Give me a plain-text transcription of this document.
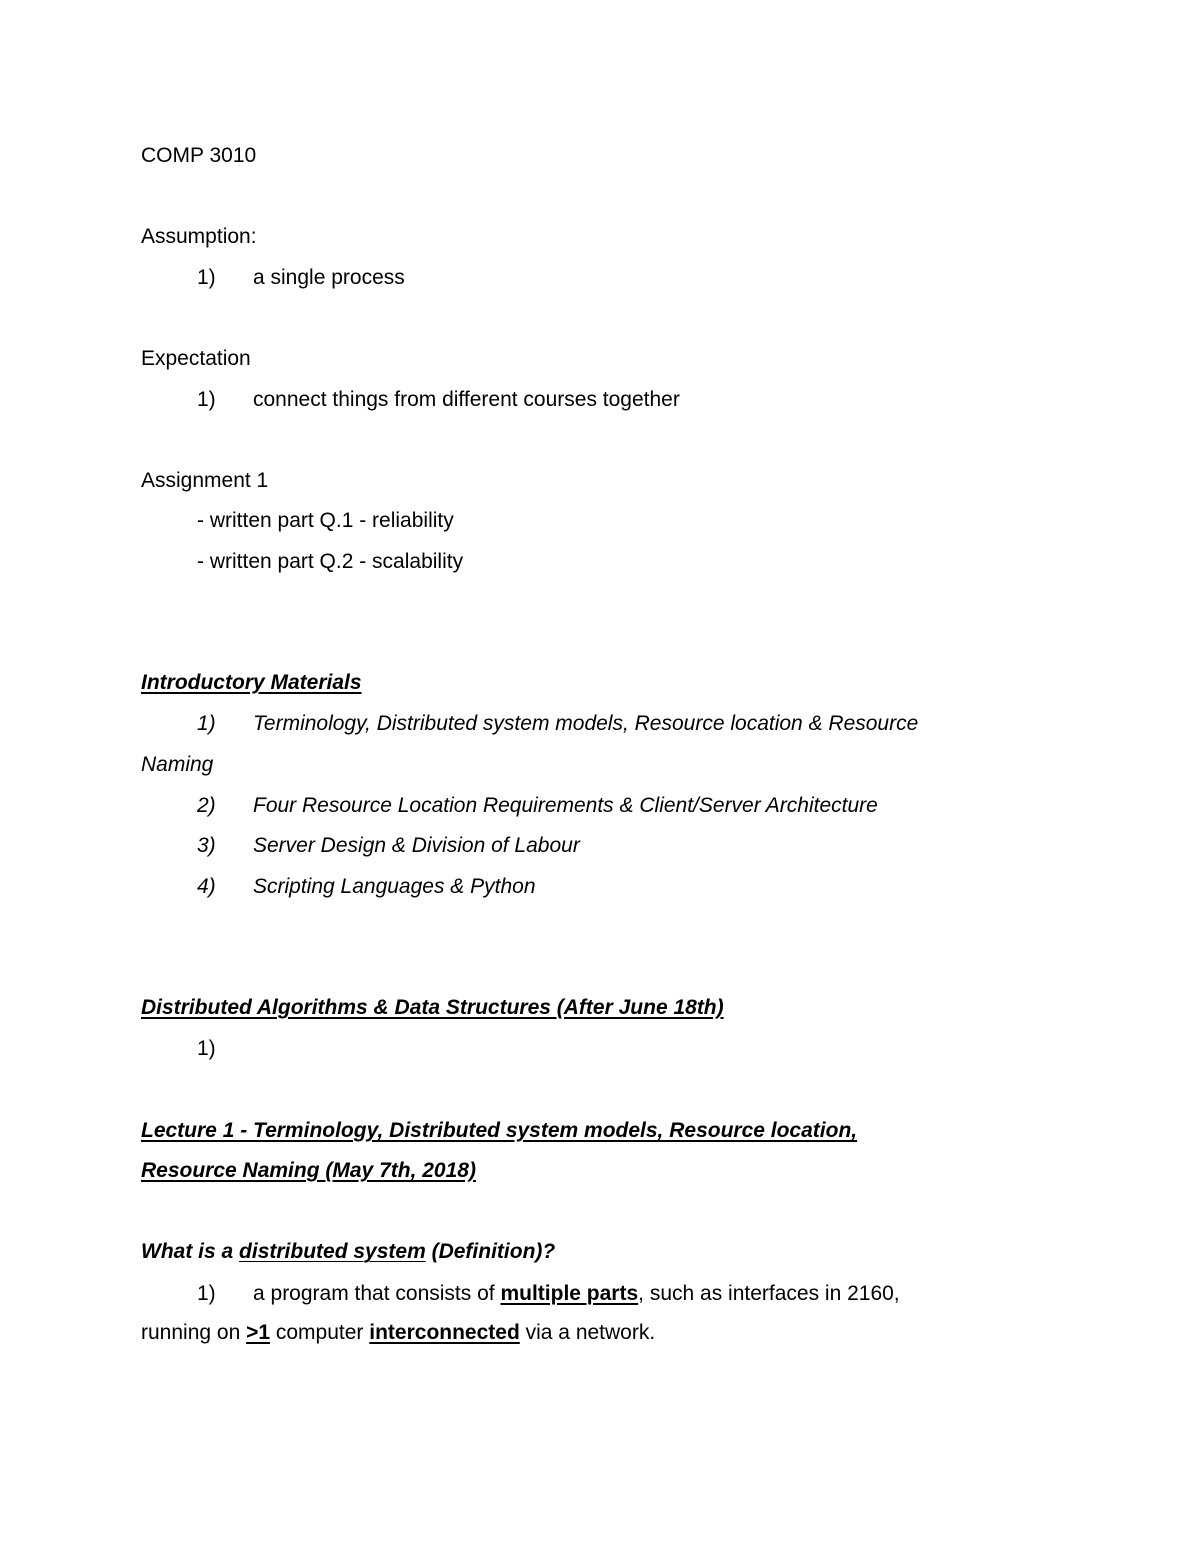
COMP 3010
Assumption:
1) a single process
Expectation
1) connect things from different courses together
Assignment 1
- written part Q.1 - reliability
- written part Q.2 - scalability
Introductory Materials
1) Terminology, Distributed system models, Resource location & Resource
Naming
2) Four Resource Location Requirements & Client/Server Architecture
3) Server Design & Division of Labour
4) Scripting Languages & Python
Distributed Algorithms & Data Structures (After June 18th)
1)
Lecture 1 - Terminology, Distributed system models, Resource location,
Resource Naming (May 7th, 2018)
What is a distributed system (Definition)?
1) a program that consists of multiple parts, such as interfaces in 2160,
running on >1 computer interconnected via a network.
